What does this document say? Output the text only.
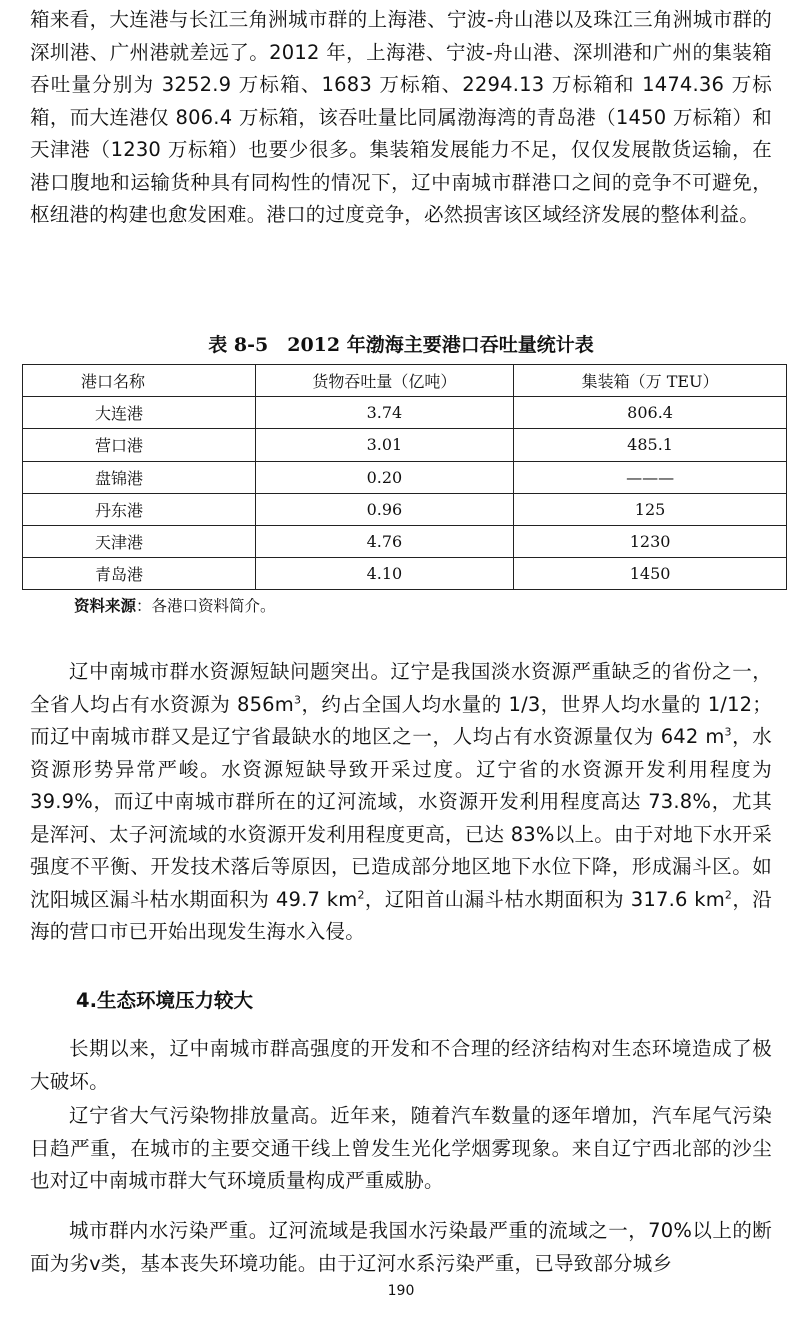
箱来看，大连港与长江三角洲城市群的上海港、宁波-舟山港以及珠江三角洲城市群的深圳港、广州港就差远了。2012 年，上海港、宁波-舟山港、深圳港和广州的集装箱吞吐量分别为 3252.9 万标箱、1683 万标箱、2294.13 万标箱和 1474.36 万标箱，而大连港仅 806.4 万标箱，该吞吐量比同属渤海湾的青岛港（1450 万标箱）和天津港（1230 万标箱）也要少很多。集装箱发展能力不足，仅仅发展散货运输，在港口腹地和运输货种具有同构性的情况下，辽中南城市群港口之间的竞争不可避免，枢纽港的构建也愈发困难。港口的过度竞争，必然损害该区域经济发展的整体利益。

表 8-5　2012 年渤海主要港口吞吐量统计表
港口名称	货物吞吐量（亿吨）	集装箱（万 TEU）
大连港	3.74	806.4
营口港	3.01	485.1
盘锦港	0.20	———
丹东港	0.96	125
天津港	4.76	1230
青岛港	4.10	1450
资料来源：各港口资料简介。

辽中南城市群水资源短缺问题突出。辽宁是我国淡水资源严重缺乏的省份之一，全省人均占有水资源为 $856m^3$，约占全国人均水量的 1/3，世界人均水量的 1/12；而辽中南城市群又是辽宁省最缺水的地区之一，人均占有水资源量仅为 642 $m^3$，水资源形势异常严峻。水资源短缺导致开采过度。辽宁省的水资源开发利用程度为 39.9%，而辽中南城市群所在的辽河流域，水资源开发利用程度高达 73.8%，尤其是浑河、太子河流域的水资源开发利用程度更高，已达 83%以上。由于对地下水开采强度不平衡、开发技术落后等原因，已造成部分地区地下水位下降，形成漏斗区。如沈阳城区漏斗枯水期面积为 49.7 $km^2$，辽阳首山漏斗枯水期面积为 317.6 $km^2$，沿海的营口市已开始出现发生海水入侵。

4.生态环境压力较大

长期以来，辽中南城市群高强度的开发和不合理的经济结构对生态环境造成了极大破坏。

辽宁省大气污染物排放量高。近年来，随着汽车数量的逐年增加，汽车尾气污染日趋严重，在城市的主要交通干线上曾发生光化学烟雾现象。来自辽宁西北部的沙尘也对辽中南城市群大气环境质量构成严重威胁。

城市群内水污染严重。辽河流域是我国水污染最严重的流域之一，70%以上的断面为劣ⅴ类，基本丧失环境功能。由于辽河水系污染严重，已导致部分城乡

190
